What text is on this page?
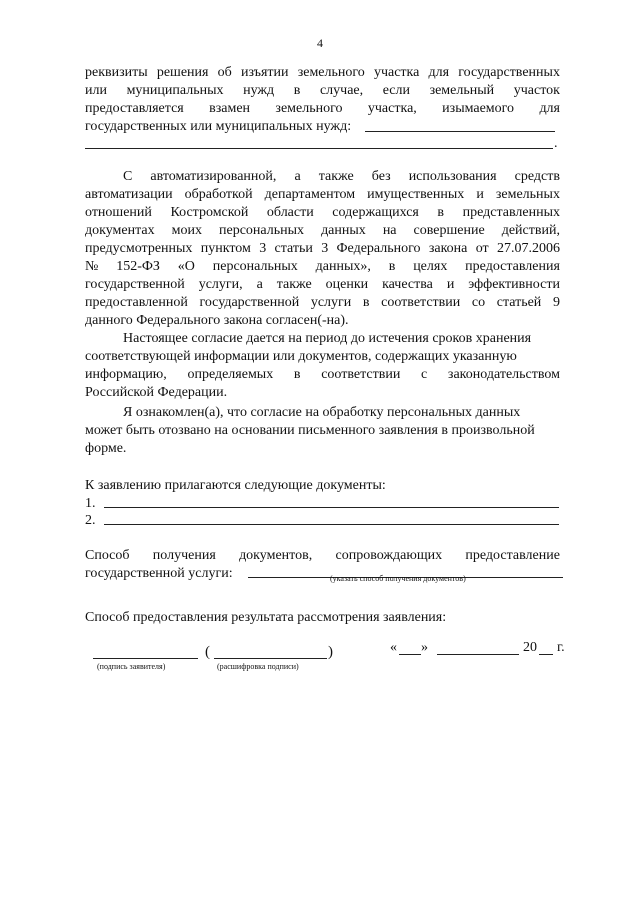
4
реквизиты решения об изъятии земельного участка для государственных
или муниципальных нужд в случае, если земельный участок
предоставляется взамен земельного участка, изымаемого для
государственных или муниципальных нужд:
.
С автоматизированной, а также без использования средств
автоматизации обработкой департаментом имущественных и земельных
отношений Костромской области содержащихся в представленных
документах моих персональных данных на совершение действий,
предусмотренных пунктом 3 статьи 3 Федерального закона от 27.07.2006
№ 152-ФЗ «О персональных данных», в целях предоставления
государственной услуги, а также оценки качества и эффективности
предоставленной государственной услуги в соответствии со статьей 9
данного Федерального закона согласен(-на).
Настоящее согласие дается на период до истечения сроков хранения
соответствующей информации или документов, содержащих указанную
информацию, определяемых в соответствии с законодательством
Российской Федерации.
Я ознакомлен(а), что согласие на обработку персональных данных
может быть отозвано на основании письменного заявления в произвольной
форме.
К заявлению прилагаются следующие документы:
1.
2.
Способ получения документов, сопровождающих предоставление
государственной услуги:	(указать способ получения документов)
Способ предоставления результата рассмотрения заявления:
(подпись заявителя)
(	)
(расшифровка подписи)
« »	20 г.
